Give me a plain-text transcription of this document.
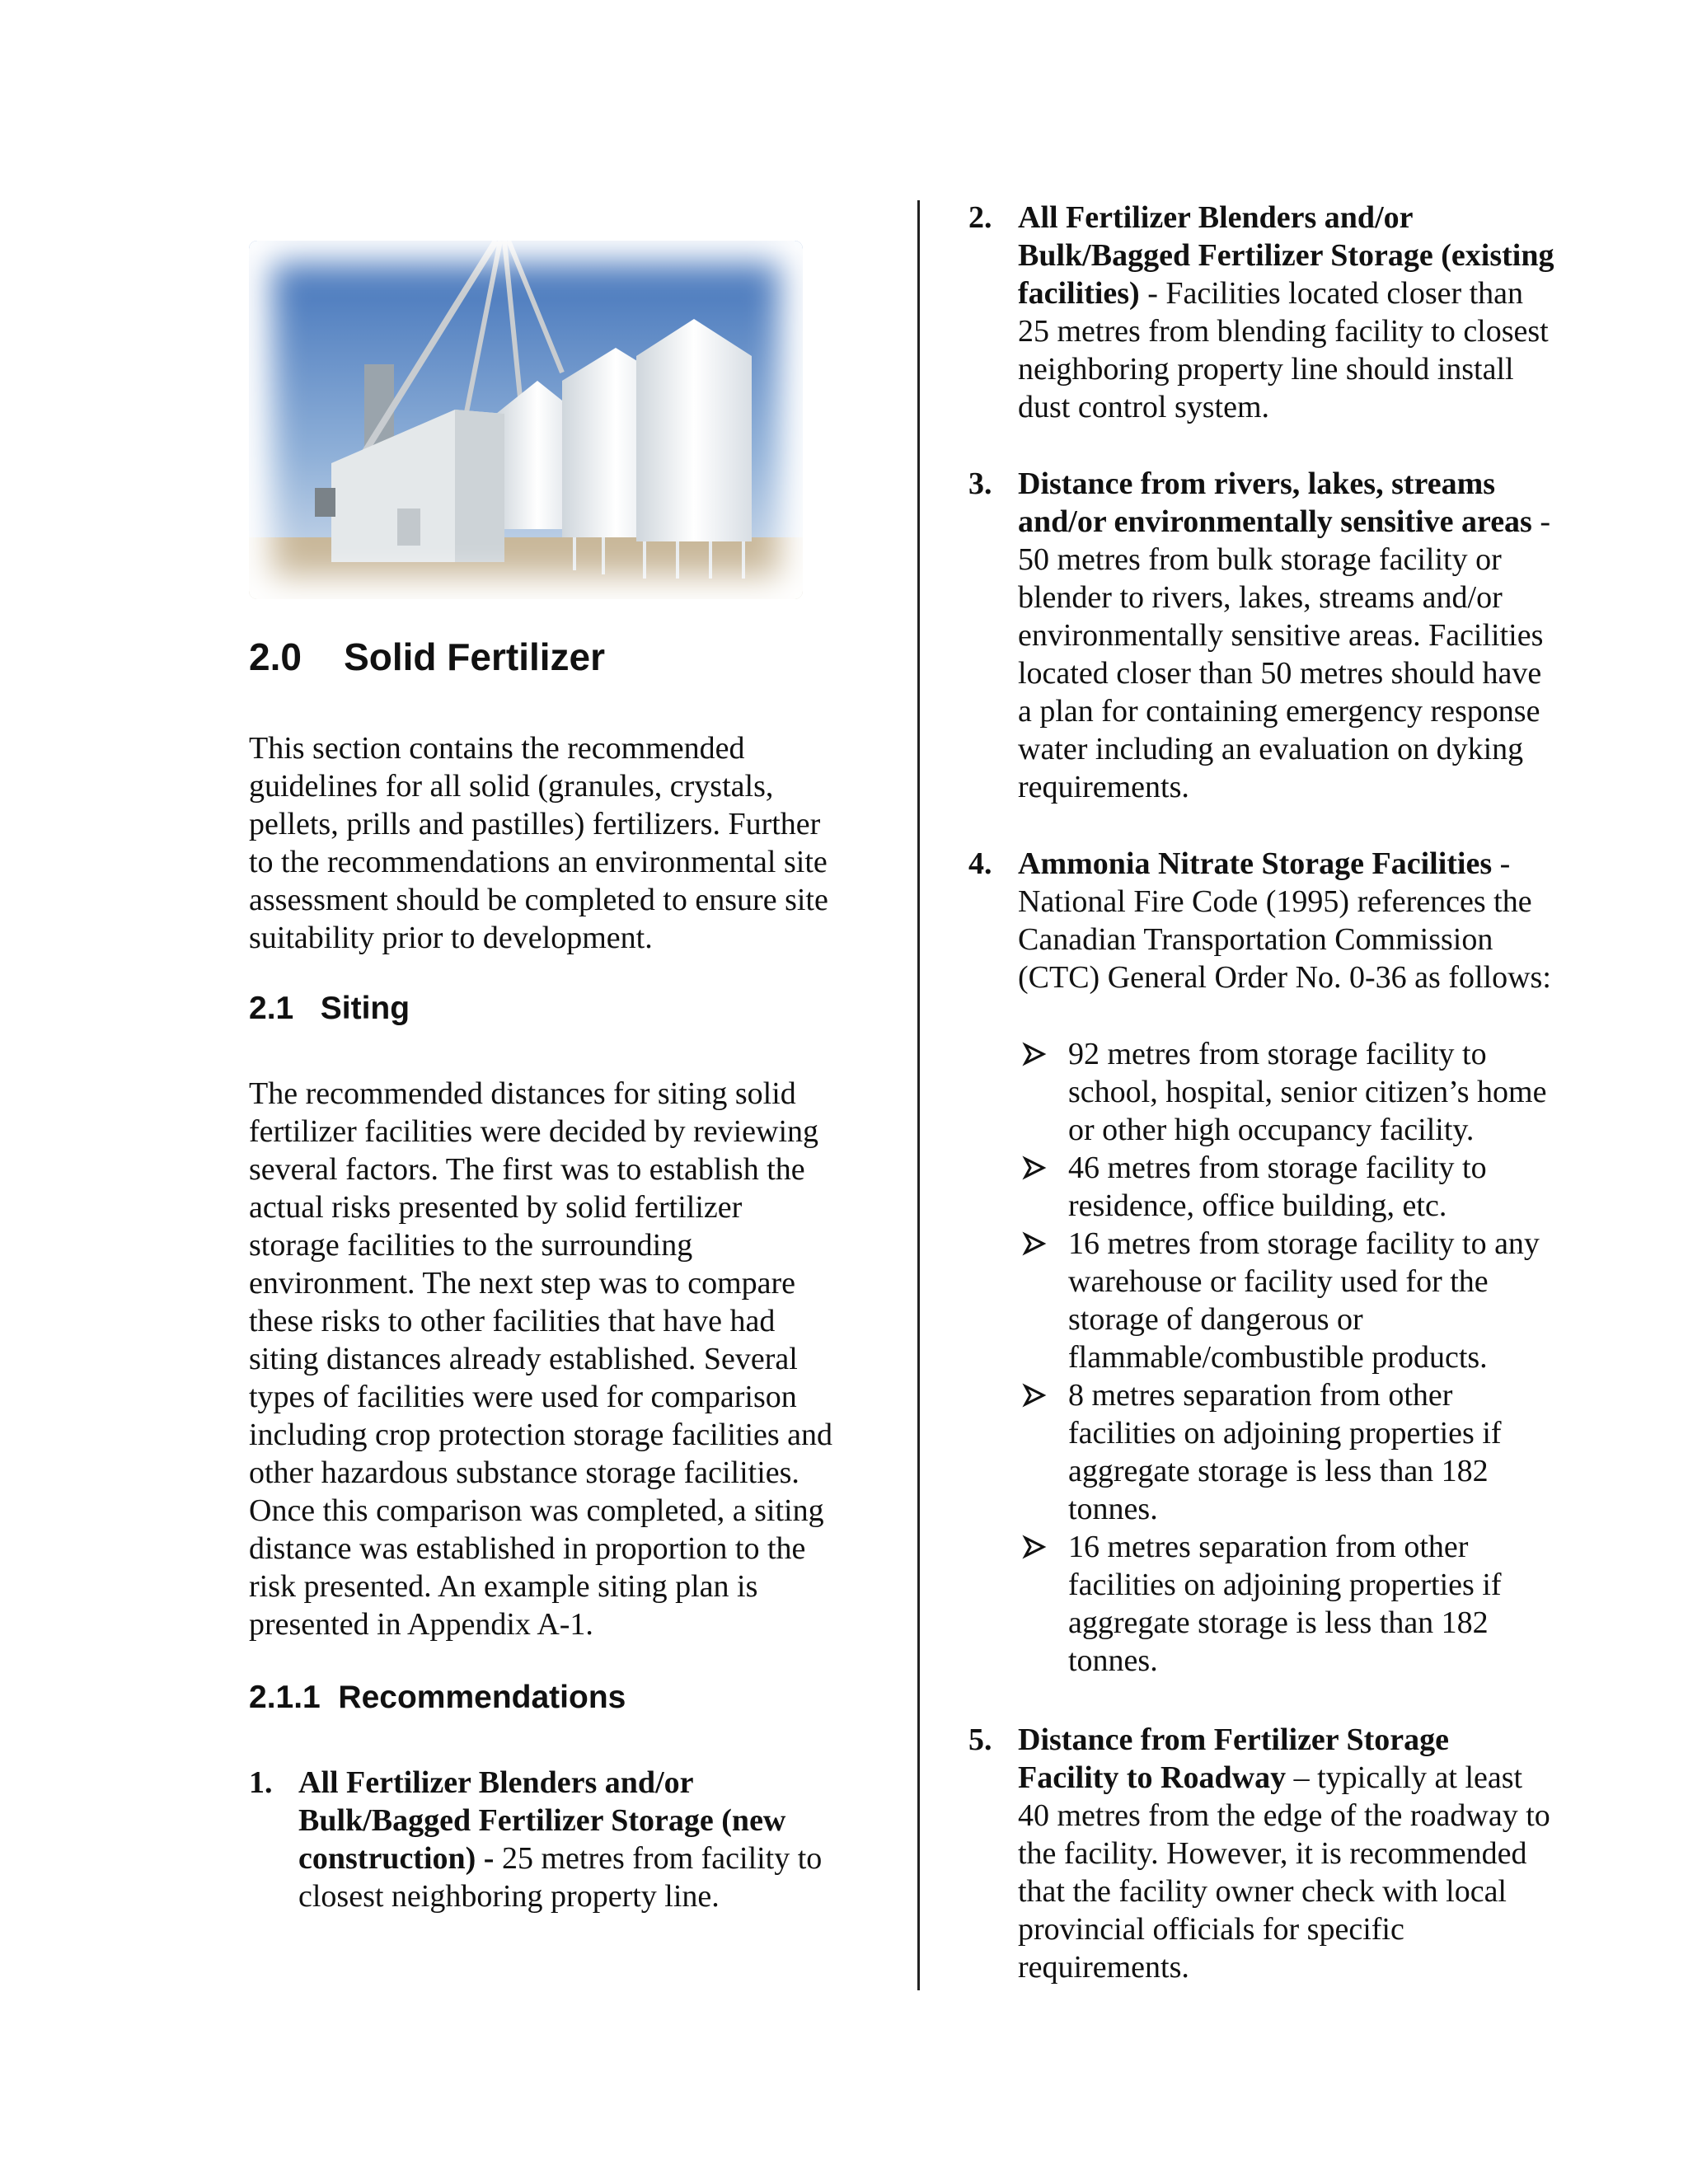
2.0 Solid Fertilizer
This section contains the recommended
guidelines for all solid (granules, crystals,
pellets, prills and pastilles) fertilizers. Further
to the recommendations an environmental site
assessment should be completed to ensure site
suitability prior to development.
2.1 Siting
The recommended distances for siting solid
fertilizer facilities were decided by reviewing
several factors. The first was to establish the
actual risks presented by solid fertilizer
storage facilities to the surrounding
environment. The next step was to compare
these risks to other facilities that have had
siting distances already established. Several
types of facilities were used for comparison
including crop protection storage facilities and
other hazardous substance storage facilities.
Once this comparison was completed, a siting
distance was established in proportion to the
risk presented. An example siting plan is
presented in Appendix A-1.
2.1.1 Recommendations
1. All Fertilizer Blenders and/or
Bulk/Bagged Fertilizer Storage (new
construction) - 25 metres from facility to
closest neighboring property line.
2. All Fertilizer Blenders and/or
Bulk/Bagged Fertilizer Storage (existing
facilities) - Facilities located closer than
25 metres from blending facility to closest
neighboring property line should install
dust control system.
3. Distance from rivers, lakes, streams
and/or environmentally sensitive areas -
50 metres from bulk storage facility or
blender to rivers, lakes, streams and/or
environmentally sensitive areas. Facilities
located closer than 50 metres should have
a plan for containing emergency response
water including an evaluation on dyking
requirements.
4. Ammonia Nitrate Storage Facilities -
National Fire Code (1995) references the
Canadian Transportation Commission
(CTC) General Order No. 0-36 as follows:
92 metres from storage facility to
school, hospital, senior citizen’s home
or other high occupancy facility.
46 metres from storage facility to
residence, office building, etc.
16 metres from storage facility to any
warehouse or facility used for the
storage of dangerous or
flammable/combustible products.
8 metres separation from other
facilities on adjoining properties if
aggregate storage is less than 182
tonnes.
16 metres separation from other
facilities on adjoining properties if
aggregate storage is less than 182
tonnes.
5. Distance from Fertilizer Storage
Facility to Roadway – typically at least
40 metres from the edge of the roadway to
the facility. However, it is recommended
that the facility owner check with local
provincial officials for specific
requirements.
